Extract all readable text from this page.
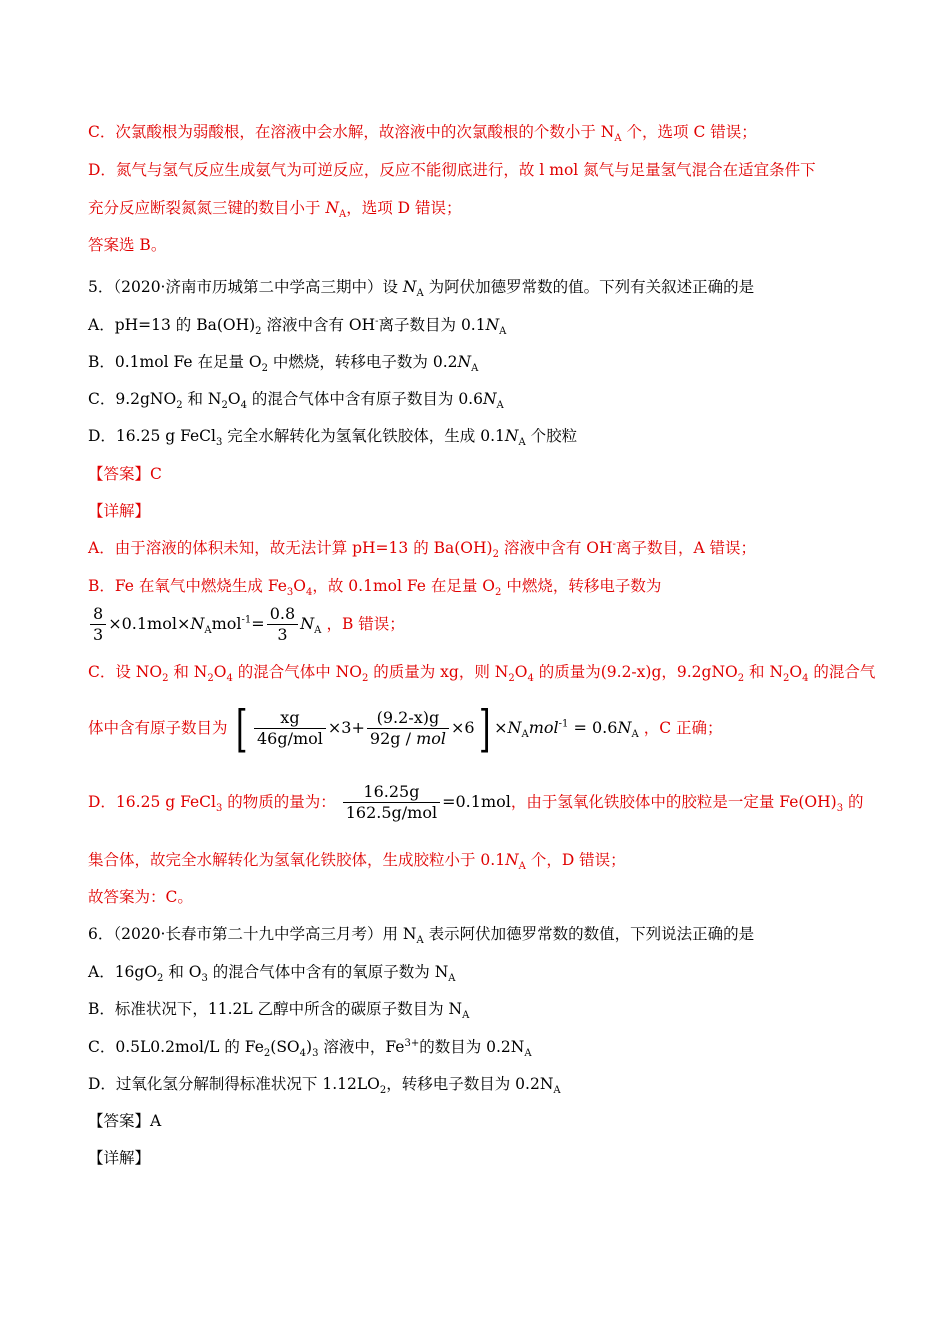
C．次氯酸根为弱酸根，在溶液中会水解，故溶液中的次氯酸根的个数小于 $N_A$ 个，选项 C 错误；
D．氮气与氢气反应生成氨气为可逆反应，反应不能彻底进行，故 l mol 氮气与足量氢气混合在适宜条件下
充分反应断裂氮氮三键的数目小于 $N_A$，选项 D 错误；
答案选 B。
5．（2020·济南市历城第二中学高三期中）设 $N_A$ 为阿伏加德罗常数的值。下列有关叙述正确的是
A．pH=13 的 $Ba(OH)_2$ 溶液中含有 OH-离子数目为 $0.1N_A$
B．0.1mol Fe 在足量 $O_2$ 中燃烧，转移电子数为 $0.2N_A$
C．9.2gNO$_2$ 和 $N_2O_4$ 的混合气体中含有原子数目为 $0.6N_A$
D．16.25 g FeCl$_3$ 完全水解转化为氢氧化铁胶体，生成 $0.1N_A$ 个胶粒
【答案】C
【详解】
A．由于溶液的体积未知，故无法计算 pH=13 的 $Ba(OH)_2$ 溶液中含有 OH-离子数目，A 错误；
B．Fe 在氧气中燃烧生成 $Fe_3O_4$，故 0.1mol Fe 在足量 $O_2$ 中燃烧，转移电子数为
$\frac{8}{3} \times 0.1mol\times N_Amol^{-1}= \frac{0.8}{3} N_A$ ，B 错误；
C．设 $NO_2$ 和 $N_2O_4$ 的混合气体中 $NO_2$ 的质量为 xg，则 $N_2O_4$ 的质量为(9.2-x)g，9.2gNO$_2$ 和 $N_2O_4$ 的混合气
体中含有原子数目为 [ $\frac{xg}{\text{46g/mol}} \times 3+ \frac{(9.2-x)g}{\text{92g / mol}} \times 6] \times N_Amol^{-1} = 0.6N_A$ ，C 正确；
D．16.25 g FeCl$_3$ 的物质的量为： $\frac{16.25g}{\text{162.5g/mol}} =0.1mol$，由于氢氧化铁胶体中的胶粒是一定量 $Fe(OH)_3$ 的
集合体，故完全水解转化为氢氧化铁胶体，生成胶粒小于 $0.1N_A$ 个，D 错误；
故答案为：C。
6．（2020·长春市第二十九中学高三月考）用 $N_A$ 表示阿伏加德罗常数的数值，下列说法正确的是
A．$16gO_2$ 和 $O_3$ 的混合气体中含有的氧原子数为 $N_A$
B．标准状况下，11.2L 乙醇中所含的碳原子数目为 $N_A$
C．0.5L0.2mol/L 的 $Fe_2(SO_4)_3$ 溶液中，$Fe^{3+}$的数目为 $0.2N_A$
D．过氧化氢分解制得标准状况下 $1.12LO_2$，转移电子数目为 $0.2N_A$
【答案】A
【详解】
